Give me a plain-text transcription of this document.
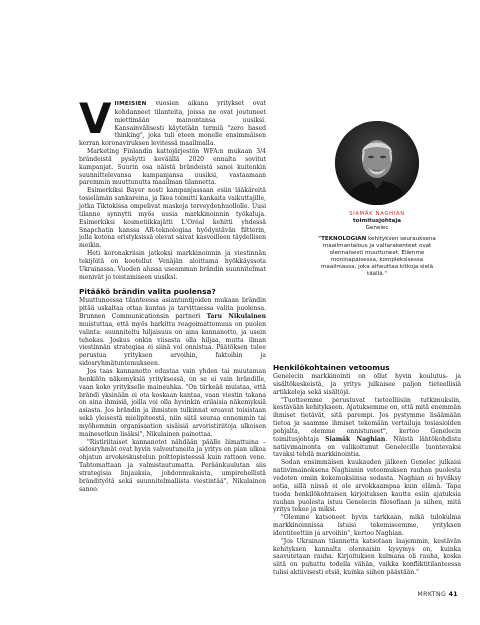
VIIMEISIEN vuosien aikana yritykset ovat kohdanneet tilanteita, joissa ne ovat joutuneet miettimään mainontansa uusiksi. Kansainvälisesti käytetään termiä "zero based thinking", joka tuli eteen monelle ensimmäisen kerran koronaviruksen levitessä maailmalla.

Marketing Finlandin kattojärjestön WFA:n mukaan 3/4 brändeistä pysäytti keväällä 2020 ennalta sovitut kampanjat. Suurin osa näistä brändeistä sanoi kuitenkin suunnittelevansa kampanjansa uusiksi, vastaamaan paremmin muuttunutta maailman tilannetta.

Esimerkiksi Bayer nosti kampanjassaan esiin lääkäreitä tosielämän sankareina, ja Ikea toimitti kankaita vaikuttajille, jotka Tiktokissa ompelivat maskeja terveydenhuollolle. Uusi tilanne synnytti myös uusia markkinoinnin työkaluja. Esimerkiksi kosmetiikkajätti L'Oréal kehitti yhdessä Snapchatin kanssa AR-teknologiaa hyödyntävän filtterin, jolla kotona eristyksissä olevat saivat kasvoilleen täydellisen meikin.

Heti koronakriisin jatkoksi markkinoinnin ja viestinnän tekijöitä on koetellut Venäjän aloittama hyökkäyssota Ukrainassa. Vuoden alussa useamman brändin suunnitelmat menivät jo toistamiseen uusiksi.

Pitääkö brändin valita puolensa?

Muuttuneessa tilanteessa asiantuntijoiden mukaan brändin pitää uskaltaa ottaa kantaa ja tarvittaessa valita puolensa. Brunnen Communicationsin partneri Taru Nikulainen muistuttaa, että myös harkittu reagoimattomuus on puolen valinta: suunniteltu hiljaisuus on aina kannanotto, ja usein tehokas. Joskus onkin viisasta olla hiljaa, mutta ilman viestinnän strategiaa ei siinä voi onnistua. Päätöksen tulee perustua yrityksen arvoihin, faktoihin ja sidosryhmätuntemukseen.

Jos taas kannanotto edustaa vain yhden tai muutaman henkilön näkemyksiä yrityksessä, on se ei vain brändille, vaan koko yritykselle maineuhka. "On tärkeää muistaa, että brändi yksinään ei ota koskaan kantaa, vaan viestin takana on aina ihmisiä, joilla voi olla hyvinkin erilaisia näkemyksiä asiasta. Jos brändin ja ihmisten tulkinnat eroavat toisistaan sekä yleisestä mielipiteestä, niin siitä seuraa ennemmin tai myöhemmin organisaation sisäisiä arvoristiriitoja ulkoisen mainesotkun lisäksi", Nikulainen painottaa.

"Ristiriitaiset kannanotot nähdään päälle liimattuina – sidosryhmät ovat hyvin valveutuneita ja yritys on pian ulkoa ohjatun arvokeskustelun polttopisteessä kuin rattoon vene. Tahtomattaan ja valmistautumatta. Peräänkuulutan siis strategisia linjauksia, johdonmukaista, umpirehellistä brändityötä sekä suunnitelmallista viestintää", Nikulainen sanoo.

SIAMÄK NAGHIAN
toimitusjohtaja
Genelec
"TEKNOLOGIAN kehityksen seurauksena maailmantalous ja valtarakenteet ovat olennaisesti muuttuneet. Elämme moninapaisessa, kompleksisessa maailmassa, joka aiheuttaa kitkoja sielä täällä."

Henkilökohtainen vetoomus

Genelecin markkinointi on ollut hyvin koulutus- ja sisältökeskeistä, ja yritys julkaisee paljon tieteellisiä artikkeleja sekä sisältöjä.

"Tuotteemme perustuvat tieteelliisiin tutkimuksiin, kestävään kehitykseen. Ajatuksemme on, että mitä enemmän ihmiset tietävät, sitä parempi. Jos pystymme lisäämään tietoa ja saamme ihmiset tekemään vertailuja tosiasioiden pohjalta, olemme onnistuneet", kertoo Genelecin toimitusjohtaja Siamäk Naghian. Näistä lähtökohdista natiivimainonta on valikoitunut Genelecille luontevaksi tavaksi tehdä markkinointia.

Sodan ensimmäisen kuukauden jälkeen Genelec julkaisi natiivimainoksena Naghianin vetoomuksen rauhan puolesta vedoten omiin kokemuksiinsa sodasta. Naghian ei hyväksy sotia, sillä niissä ei ole arvokkaampaa kuin elämä. Tapa tuoda henkilökohtaisen kirjoituksen kautta esiin ajatuksia rauhan puolesta istuu Genelecin filosofiaan ja siihen, mitä yritys tekee ja miksi.

"Olemme katsoneet hyvin tarkkaan, mikä tulokulma markkinoinnissa istuisi tekemiseemme, yrityksen identiteettiin ja arvoihin", kertoo Naghian.

"Jos Ukrainan tilannetta katsotaan laajemmin, kestävän kehityksen kannalta olennaisin kysymys on, kuinka saavutetaan rauha. Kirjoituksen kulmana oli rauha, koska siitä on puhuttu todella vähän, vaikka konfliktitilanteessa tulisi aktiivisesti etsiä, kuinka siihen päästään."

MRKTNG 41
